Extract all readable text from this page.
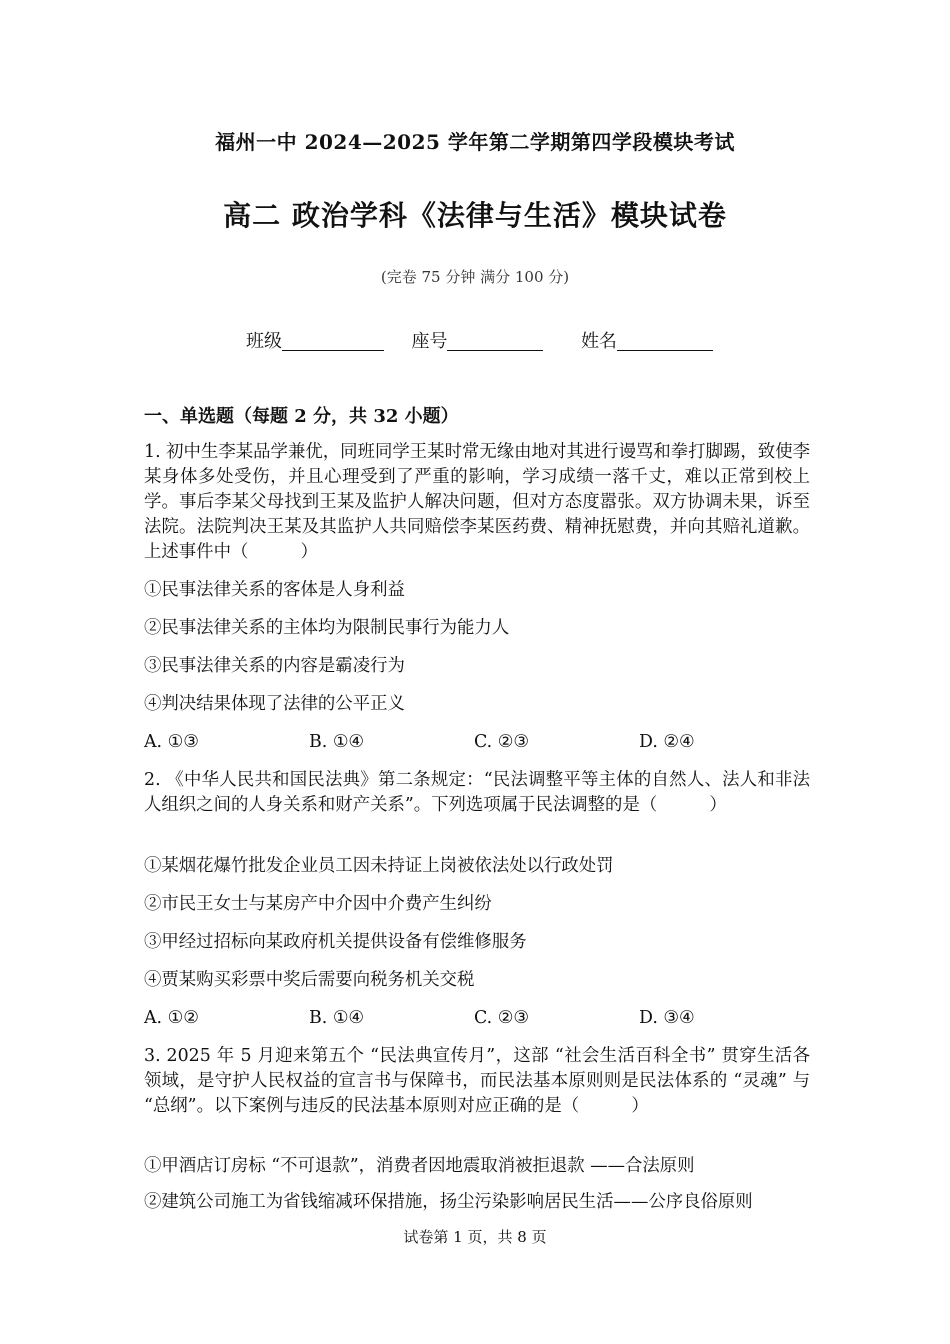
福州一中 2024—2025 学年第二学期第四学段模块考试
高二 政治学科《法律与生活》模块试卷
(完卷 75 分钟 满分 100 分)
班级	座号	姓名
一、单选题（每题 2 分，共 32 小题）
1. 初中生李某品学兼优，同班同学王某时常无缘由地对其进行谩骂和拳打脚踢，致使李某身体多处受伤，并且心理受到了严重的影响，学习成绩一落千丈，难以正常到校上学。事后李某父母找到王某及监护人解决问题，但对方态度嚣张。双方协调未果，诉至法院。法院判决王某及其监护人共同赔偿李某医药费、精神抚慰费，并向其赔礼道歉。上述事件中（　　　）
①民事法律关系的客体是人身利益
②民事法律关系的主体均为限制民事行为能力人
③民事法律关系的内容是霸凌行为
④判决结果体现了法律的公平正义
A. ①③	B. ①④	C. ②③	D. ②④
2. 《中华人民共和国民法典》第二条规定：“民法调整平等主体的自然人、法人和非法人组织之间的人身关系和财产关系”。下列选项属于民法调整的是（　　　）
①某烟花爆竹批发企业员工因未持证上岗被依法处以行政处罚
②市民王女士与某房产中介因中介费产生纠纷
③甲经过招标向某政府机关提供设备有偿维修服务
④贾某购买彩票中奖后需要向税务机关交税
A. ①②	B. ①④	C. ②③	D. ③④
3. 2025 年 5 月迎来第五个 “民法典宣传月”，这部 “社会生活百科全书” 贯穿生活各领域，是守护人民权益的宣言书与保障书，而民法基本原则则是民法体系的 “灵魂” 与 “总纲”。以下案例与违反的民法基本原则对应正确的是（　　　）
①甲酒店订房标 “不可退款”，消费者因地震取消被拒退款 ——合法原则
②建筑公司施工为省钱缩减环保措施，扬尘污染影响居民生活——公序良俗原则
试卷第 1 页，共 8 页
